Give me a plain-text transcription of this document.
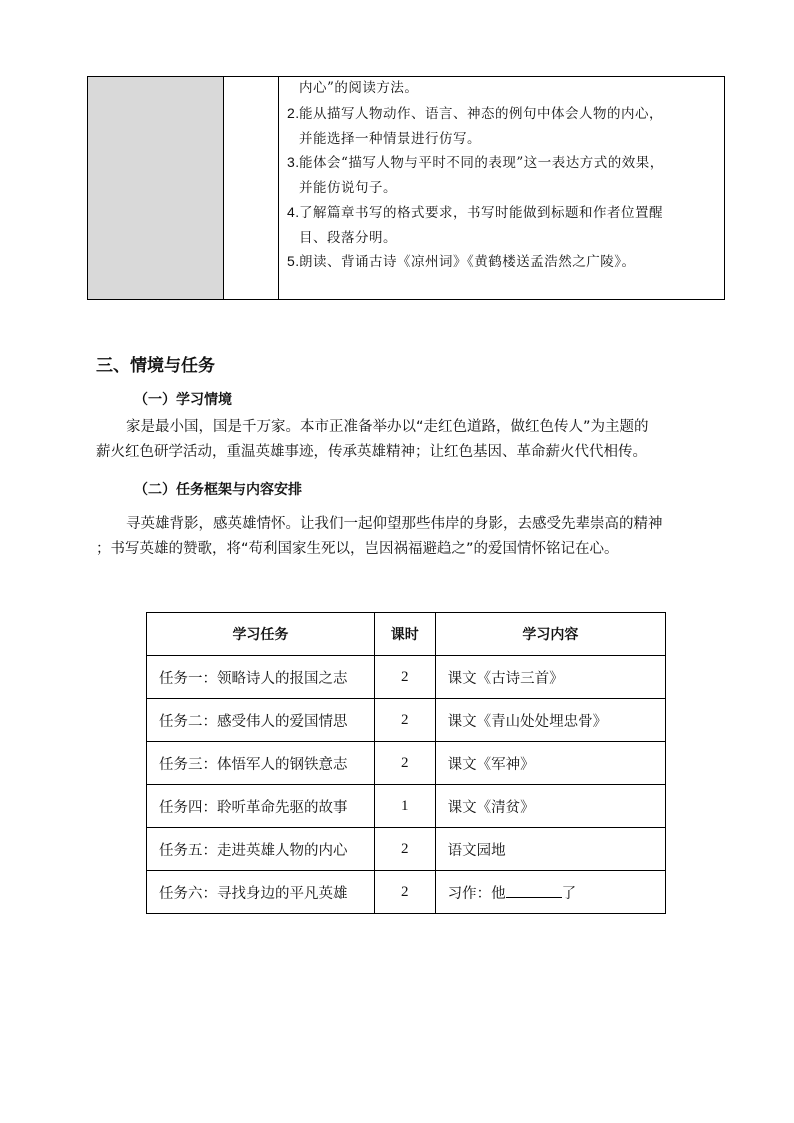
内心”的阅读方法。
2.能从描写人物动作、语言、神态的例句中体会人物的内心，
并能选择一种情景进行仿写。
3.能体会“描写人物与平时不同的表现”这一表达方式的效果，
并能仿说句子。
4.了解篇章书写的格式要求，书写时能做到标题和作者位置醒
目、段落分明。
5.朗读、背诵古诗《凉州词》《黄鹤楼送孟浩然之广陵》。
三、情境与任务
（一）学习情境
家是最小国，国是千万家。本市正准备举办以“走红色道路，做红色传人”为主题的
薪火红色研学活动，重温英雄事迹，传承英雄精神；让红色基因、革命薪火代代相传。
（二）任务框架与内容安排
寻英雄背影，感英雄情怀。让我们一起仰望那些伟岸的身影，去感受先辈崇高的精神
；书写英雄的赞歌，将“苟利国家生死以，岂因祸福避趋之”的爱国情怀铭记在心。
学习任务	课时	学习内容
任务一：领略诗人的报国之志	2	课文《古诗三首》
任务二：感受伟人的爱国情思	2	课文《青山处处埋忠骨》
任务三：体悟军人的钢铁意志	2	课文《军神》
任务四：聆听革命先驱的故事	1	课文《清贫》
任务五：走进英雄人物的内心	2	语文园地
任务六：寻找身边的平凡英雄	2	习作：他 了
